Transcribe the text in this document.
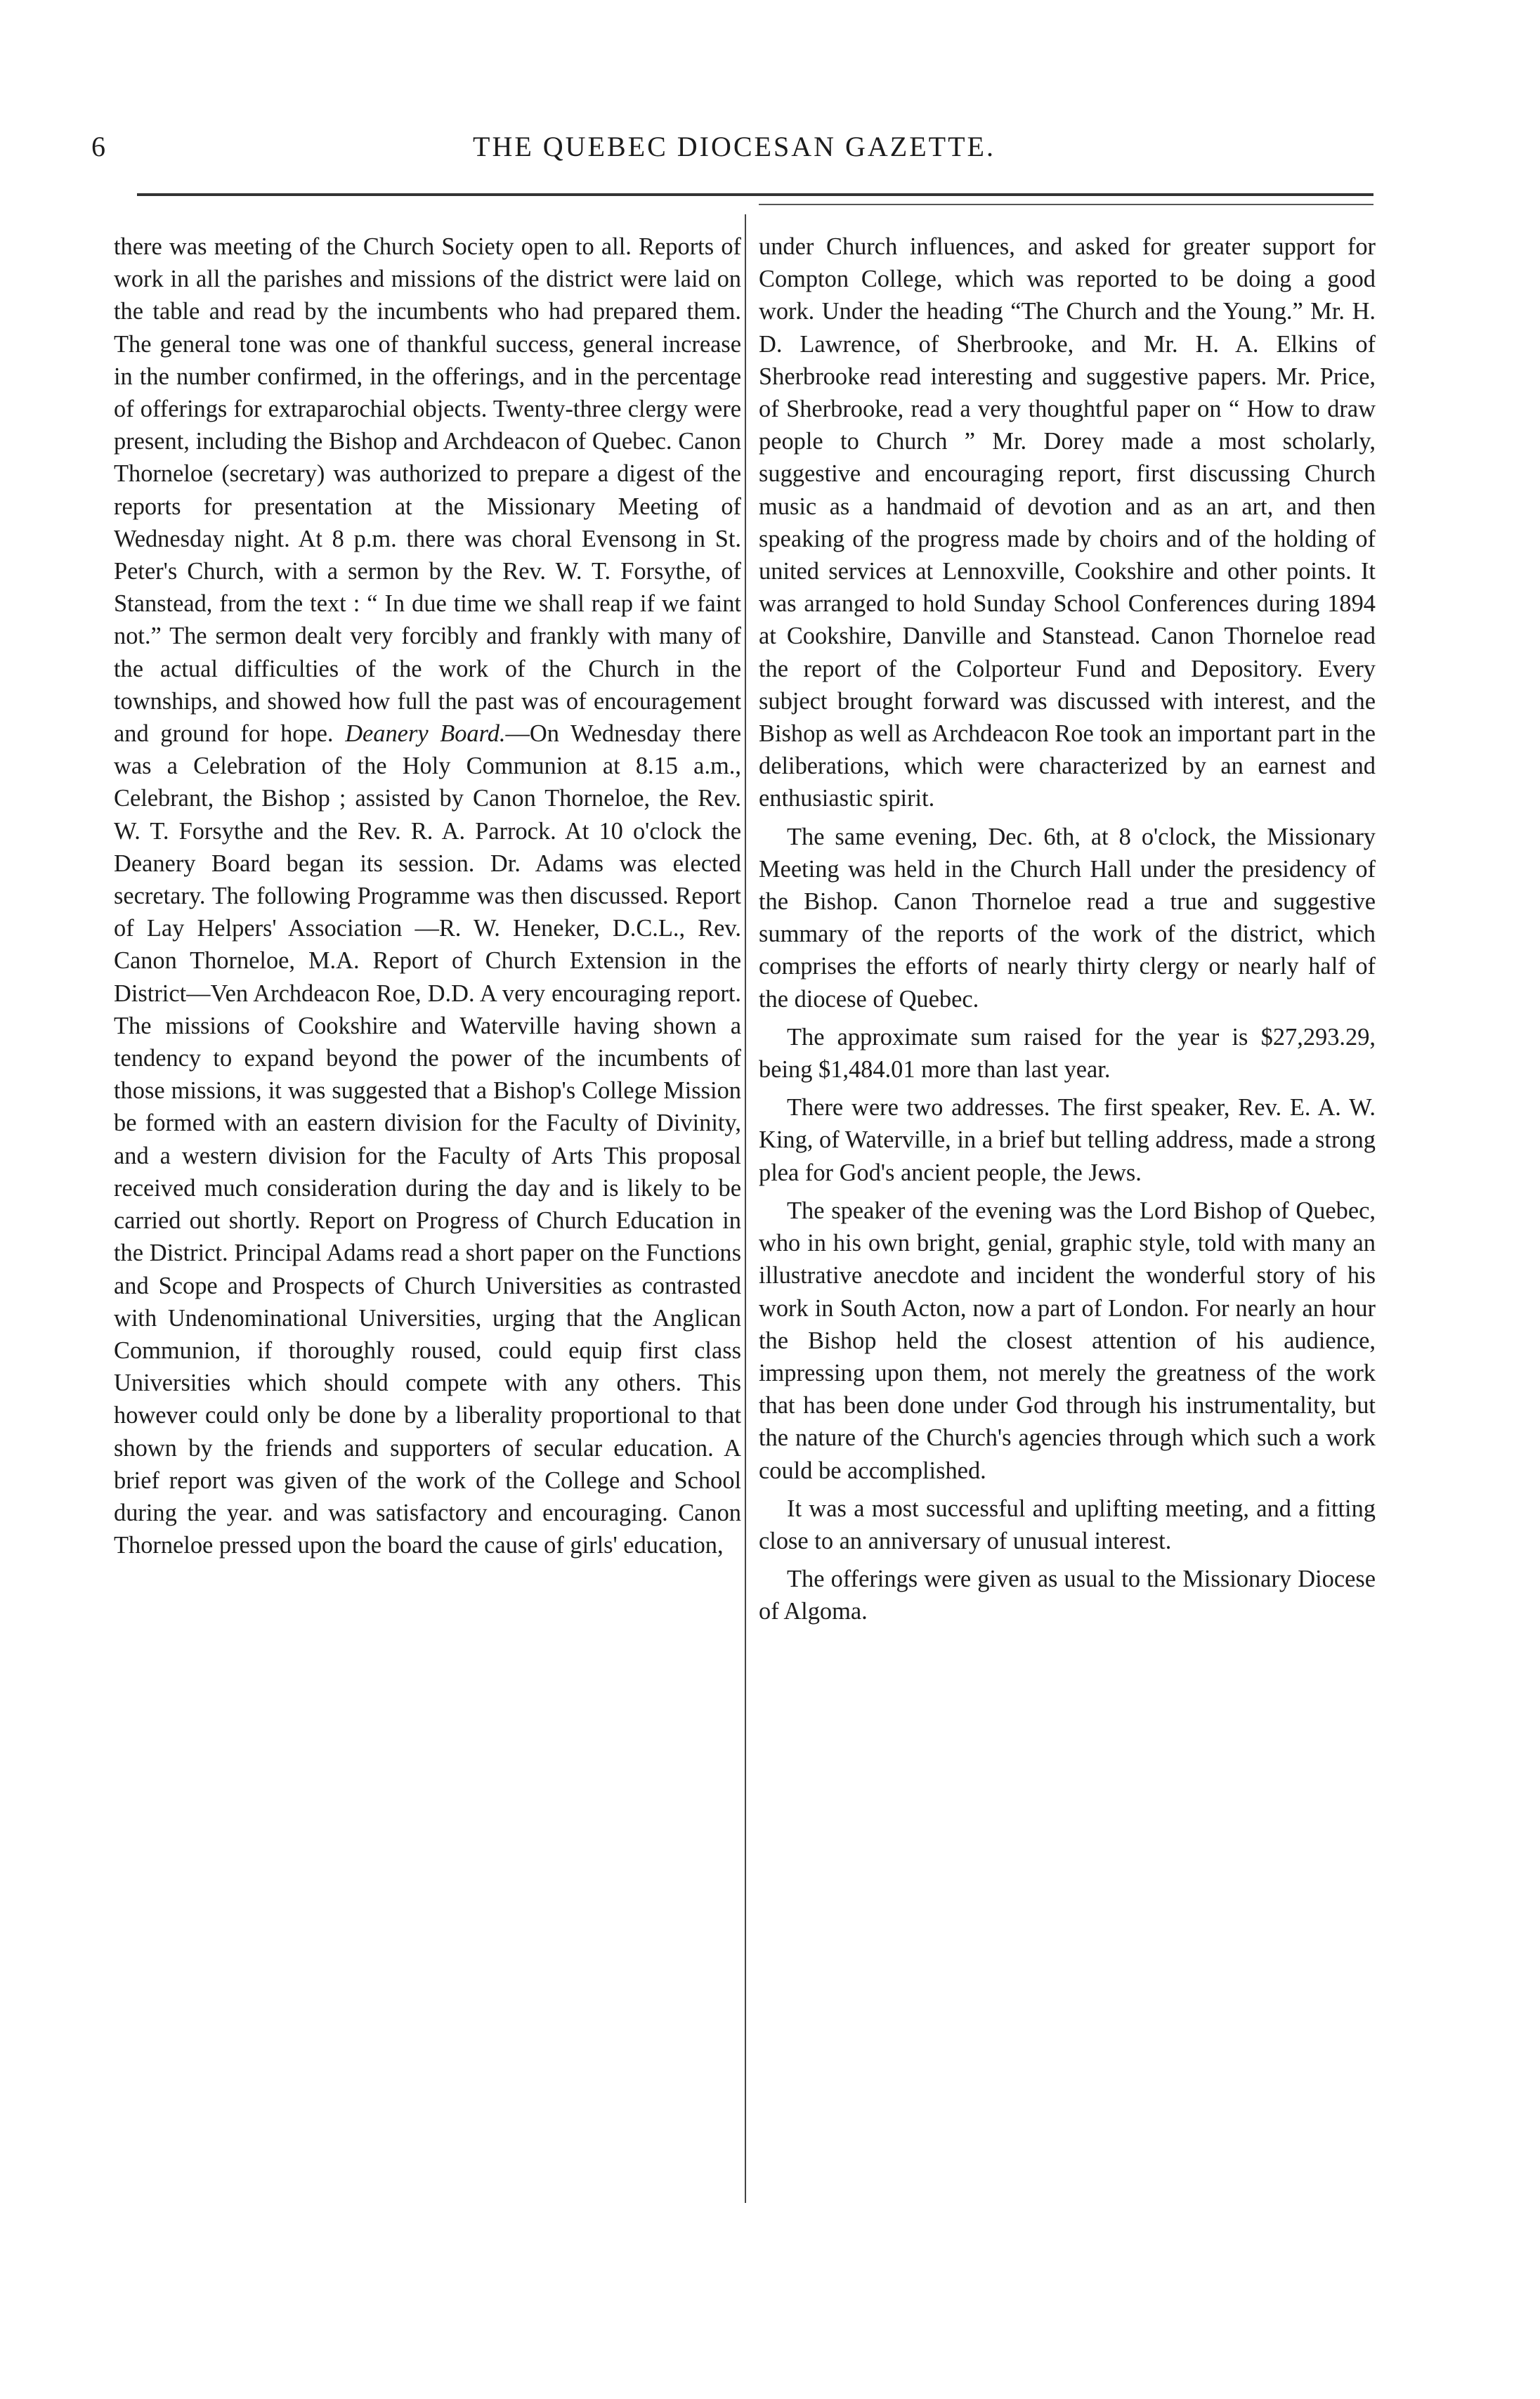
6	THE QUEBEC DIOCESAN GAZETTE.

there was meeting of the Church Society open to all. Reports of work in all the parishes and missions of the district were laid on the table and read by the incumbents who had prepared them. The general tone was one of thankful success, general increase in the number confirmed, in the offerings, and in the percentage of offerings for extraparochial objects. Twenty-three clergy were present, including the Bishop and Archdeacon of Quebec. Canon Thorneloe (secretary) was authorized to prepare a digest of the reports for presentation at the Missionary Meeting of Wednesday night. At 8 p.m. there was choral Evensong in St. Peter's Church, with a sermon by the Rev. W. T. Forsythe, of Stanstead, from the text : “ In due time we shall reap if we faint not.” The sermon dealt very forcibly and frankly with many of the actual difficulties of the work of the Church in the townships, and showed how full the past was of encouragement and ground for hope. Deanery Board.—On Wednesday there was a Celebration of the Holy Communion at 8.15 a.m., Celebrant, the Bishop ; assisted by Canon Thorneloe, the Rev. W. T. Forsythe and the Rev. R. A. Parrock. At 10 o'clock the Deanery Board began its session. Dr. Adams was elected secretary. The following Programme was then discussed. Report of Lay Helpers' Association —R. W. Heneker, D.C.L., Rev. Canon Thorneloe, M.A. Report of Church Extension in the District—Ven Archdeacon Roe, D.D. A very encouraging report. The missions of Cookshire and Waterville having shown a tendency to expand beyond the power of the incumbents of those missions, it was suggested that a Bishop's College Mission be formed with an eastern division for the Faculty of Divinity, and a western division for the Faculty of Arts This proposal received much consideration during the day and is likely to be carried out shortly. Report on Progress of Church Education in the District. Principal Adams read a short paper on the Functions and Scope and Prospects of Church Universities as contrasted with Undenominational Universities, urging that the Anglican Communion, if thoroughly roused, could equip first class Universities which should compete with any others. This however could only be done by a liberality proportional to that shown by the friends and supporters of secular education. A brief report was given of the work of the College and School during the year. and was satisfactory and encouraging. Canon Thorneloe pressed upon the board the cause of girls' education,

under Church influences, and asked for greater support for Compton College, which was reported to be doing a good work. Under the heading “The Church and the Young.” Mr. H. D. Lawrence, of Sherbrooke, and Mr. H. A. Elkins of Sherbrooke read interesting and suggestive papers. Mr. Price, of Sherbrooke, read a very thoughtful paper on “ How to draw people to Church ” Mr. Dorey made a most scholarly, suggestive and encouraging report, first discussing Church music as a handmaid of devotion and as an art, and then speaking of the progress made by choirs and of the holding of united services at Lennoxville, Cookshire and other points. It was arranged to hold Sunday School Conferences during 1894 at Cookshire, Danville and Stanstead. Canon Thorneloe read the report of the Colporteur Fund and Depository. Every subject brought forward was discussed with interest, and the Bishop as well as Archdeacon Roe took an important part in the deliberations, which were characterized by an earnest and enthusiastic spirit.

The same evening, Dec. 6th, at 8 o'clock, the Missionary Meeting was held in the Church Hall under the presidency of the Bishop. Canon Thorneloe read a true and suggestive summary of the reports of the work of the district, which comprises the efforts of nearly thirty clergy or nearly half of the diocese of Quebec.

The approximate sum raised for the year is $27,293.29, being $1,484.01 more than last year.

There were two addresses. The first speaker, Rev. E. A. W. King, of Waterville, in a brief but telling address, made a strong plea for God's ancient people, the Jews.

The speaker of the evening was the Lord Bishop of Quebec, who in his own bright, genial, graphic style, told with many an illustrative anecdote and incident the wonderful story of his work in South Acton, now a part of London. For nearly an hour the Bishop held the closest attention of his audience, impressing upon them, not merely the greatness of the work that has been done under God through his instrumentality, but the nature of the Church's agencies through which such a work could be accomplished.

It was a most successful and uplifting meeting, and a fitting close to an anniversary of unusual interest.

The offerings were given as usual to the Missionary Diocese of Algoma.
